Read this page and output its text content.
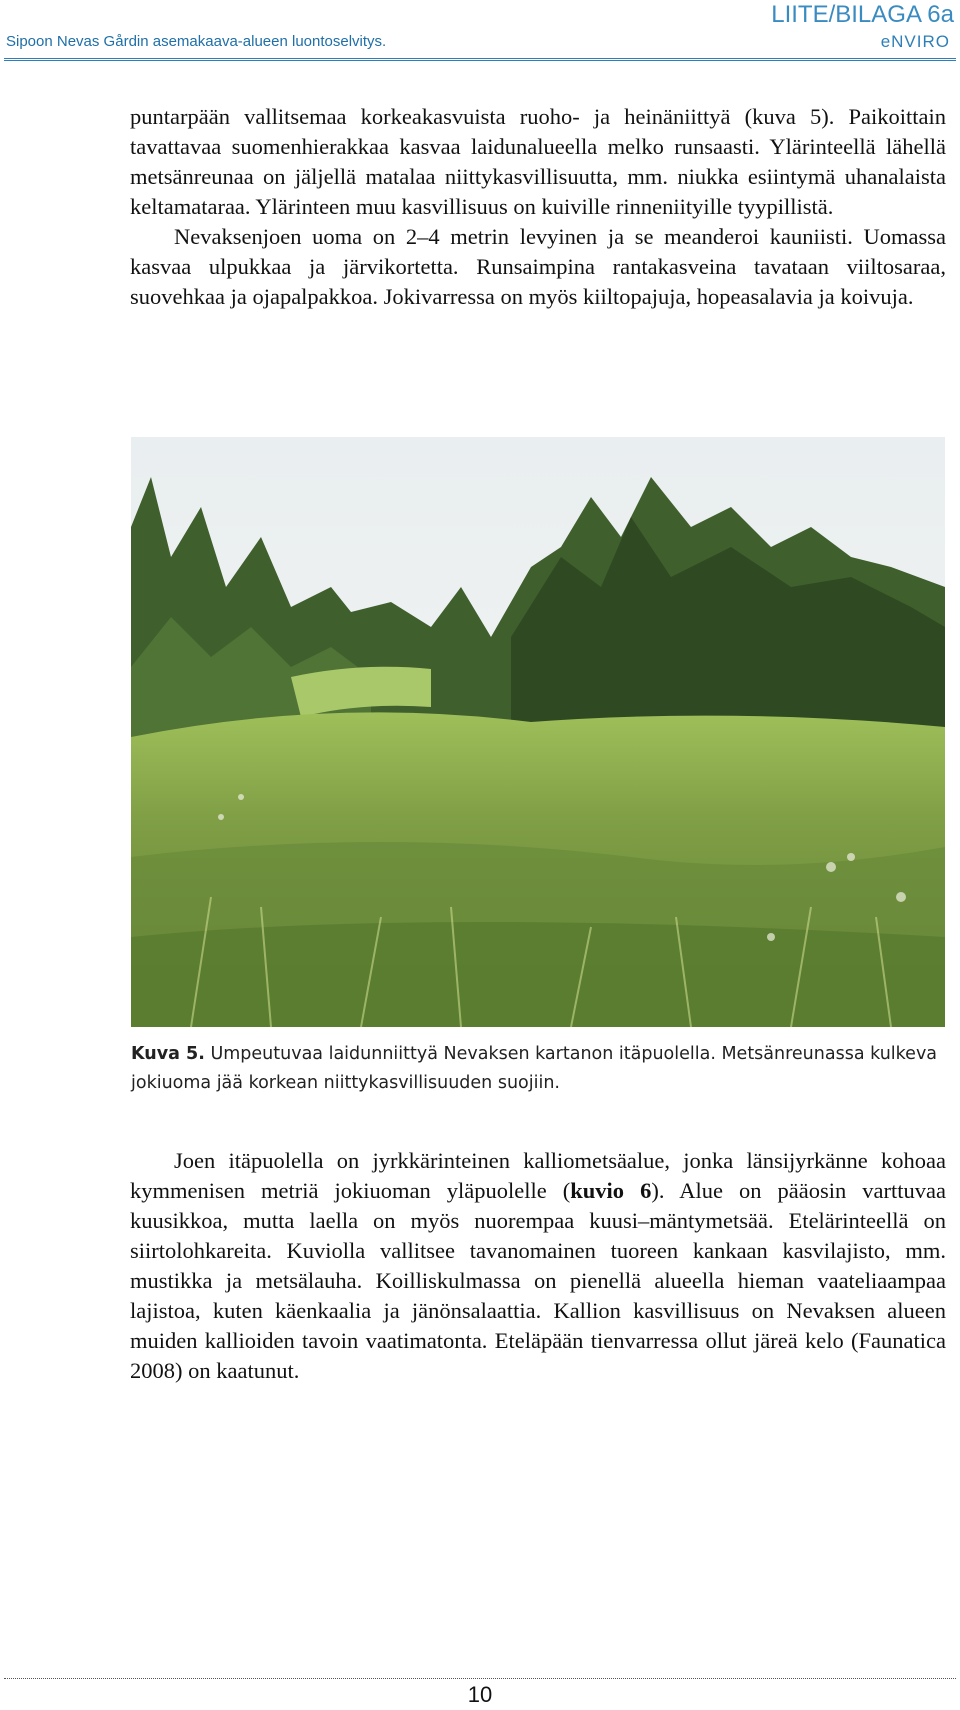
Sipoon Nevas Gårdin asemakaava-alueen luontoselvitys.
LIITE/BILAGA 6a
eNVIRO

puntarpään vallitsemaa korkeakasvuista ruoho- ja heinäniittyä (kuva 5). Paikoittain tavattavaa suomenhierakkaa kasvaa laidunalueella melko runsaasti. Ylärinteellä lähellä metsänreunaa on jäljellä matalaa niittykasvillisuutta, mm. niukka esiintymä uhanalaista keltamataraa. Ylärinteen muu kasvillisuus on kuiville rinneniityille tyypillistä.

Nevaksenjoen uoma on 2–4 metrin levyinen ja se meanderoi kauniisti. Uomassa kasvaa ulpukkaa ja järvikortetta. Runsaimpina rantakasveina tavataan viiltosaraa, suovehkaa ja ojapalpakkoa. Jokivarressa on myös kiiltopajuja, hopeasalavia ja koivuja.

Kuva 5. Umpeutuvaa laidunniittyä Nevaksen kartanon itäpuolella. Metsänreunassa kulkeva jokiuoma jää korkean niittykasvillisuuden suojiin.

Joen itäpuolella on jyrkkärinteinen kalliometsäalue, jonka länsijyrkänne kohoaa kymmenisen metriä jokiuoman yläpuolelle (kuvio 6). Alue on pääosin varttuvaa kuusikkoa, mutta laella on myös nuorempaa kuusi–mäntymetsää. Etelärinteellä on siirtolohkareita. Kuviolla vallitsee tavanomainen tuoreen kankaan kasvilajisto, mm. mustikka ja metsälauha. Koilliskulmassa on pienellä alueella hieman vaateliaampaa lajistoa, kuten käenkaalia ja jänönsalaattia. Kallion kasvillisuus on Nevaksen alueen muiden kallioiden tavoin vaatimatonta. Eteläpään tienvarressa ollut järeä kelo (Faunatica 2008) on kaatunut.

10
